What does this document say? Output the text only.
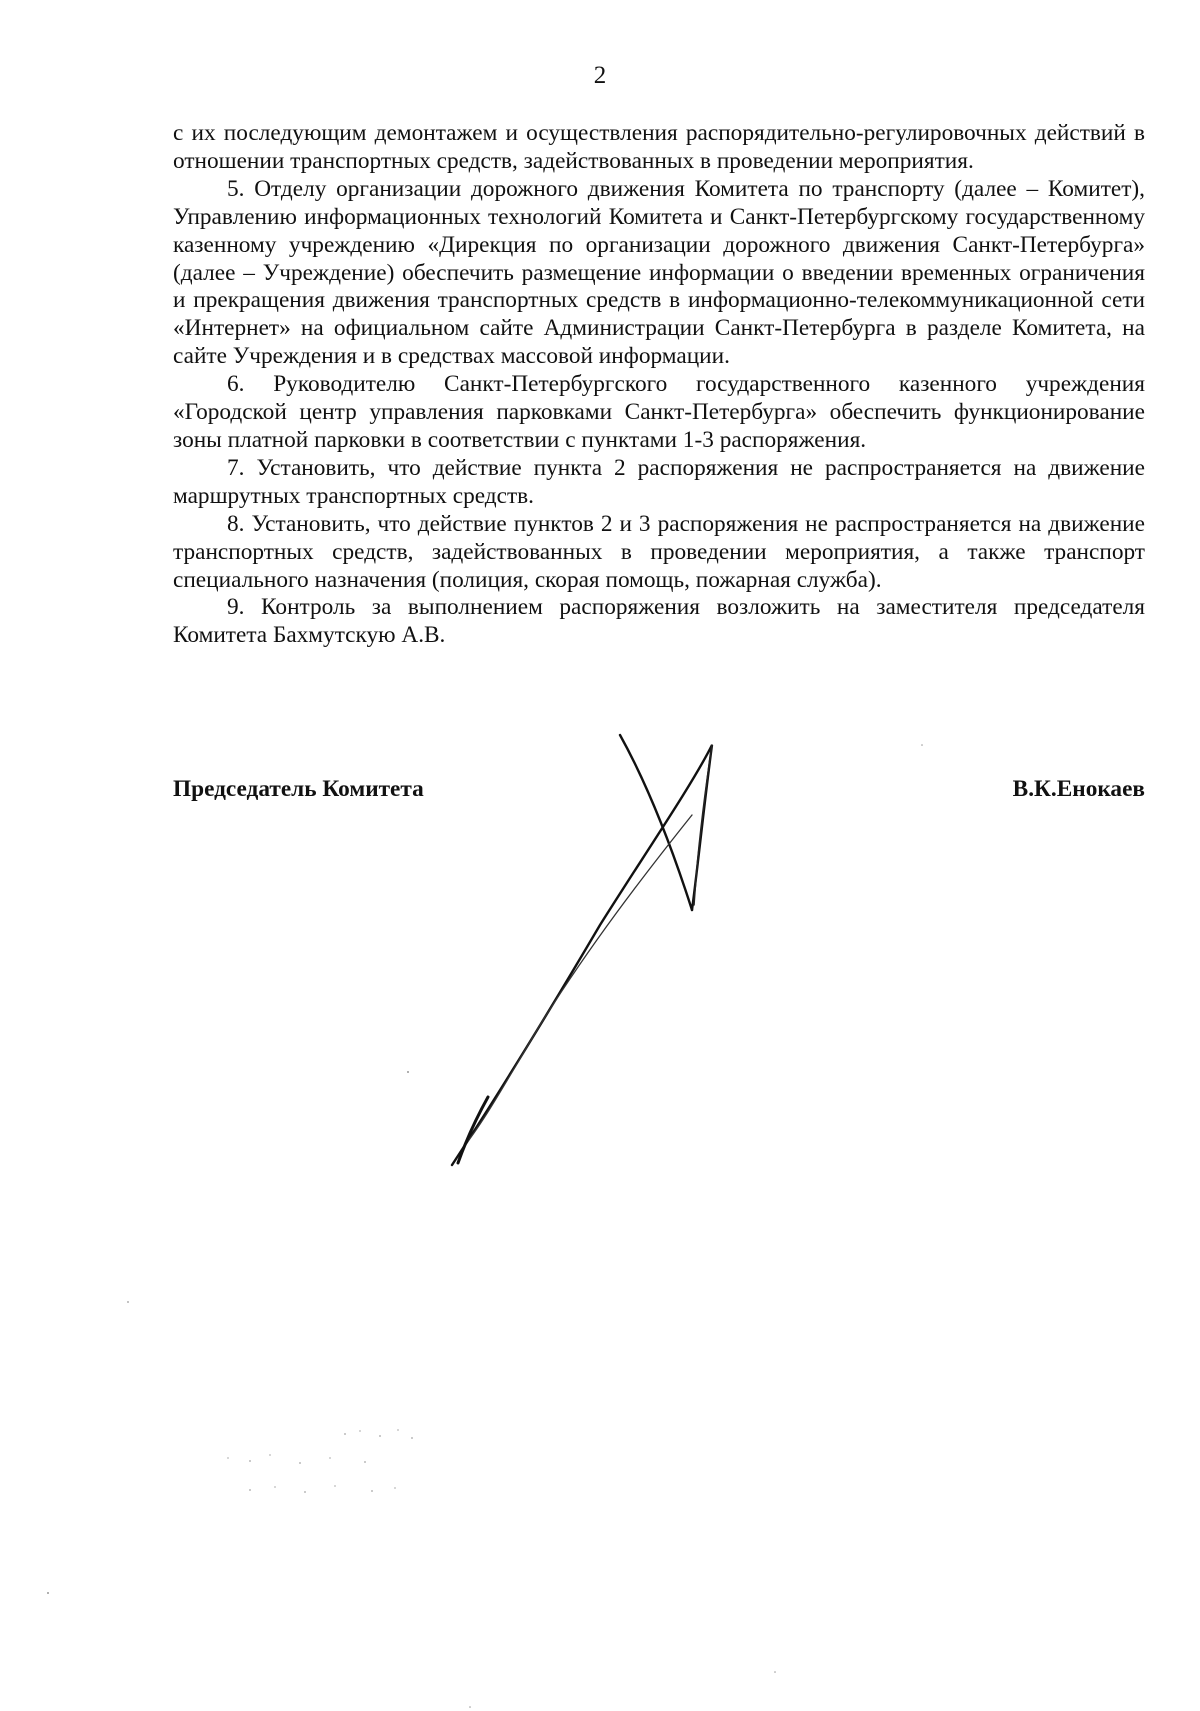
2

с их последующим демонтажем и осуществления распорядительно-регулировочных действий в отношении транспортных средств, задействованных в проведении мероприятия.

5. Отделу организации дорожного движения Комитета по транспорту (далее – Комитет), Управлению информационных технологий Комитета и Санкт-Петербургскому государственному казенному учреждению «Дирекция по организации дорожного движения Санкт-Петербурга» (далее – Учреждение) обеспечить размещение информации о введении временных ограничения и прекращения движения транспортных средств в информационно-телекоммуникационной сети «Интернет» на официальном сайте Администрации Санкт-Петербурга в разделе Комитета, на сайте Учреждения и в средствах массовой информации.

6. Руководителю Санкт-Петербургского государственного казенного учреждения «Городской центр управления парковками Санкт-Петербурга» обеспечить функционирование зоны платной парковки в соответствии с пунктами 1-3 распоряжения.

7. Установить, что действие пункта 2 распоряжения не распространяется на движение маршрутных транспортных средств.

8. Установить, что действие пунктов 2 и 3 распоряжения не распространяется на движение транспортных средств, задействованных в проведении мероприятия, а также транспорт специального назначения (полиция, скорая помощь, пожарная служба).

9. Контроль за выполнением распоряжения возложить на заместителя председателя Комитета Бахмутскую А.В.

Председатель Комитета	В.К.Енокаев
